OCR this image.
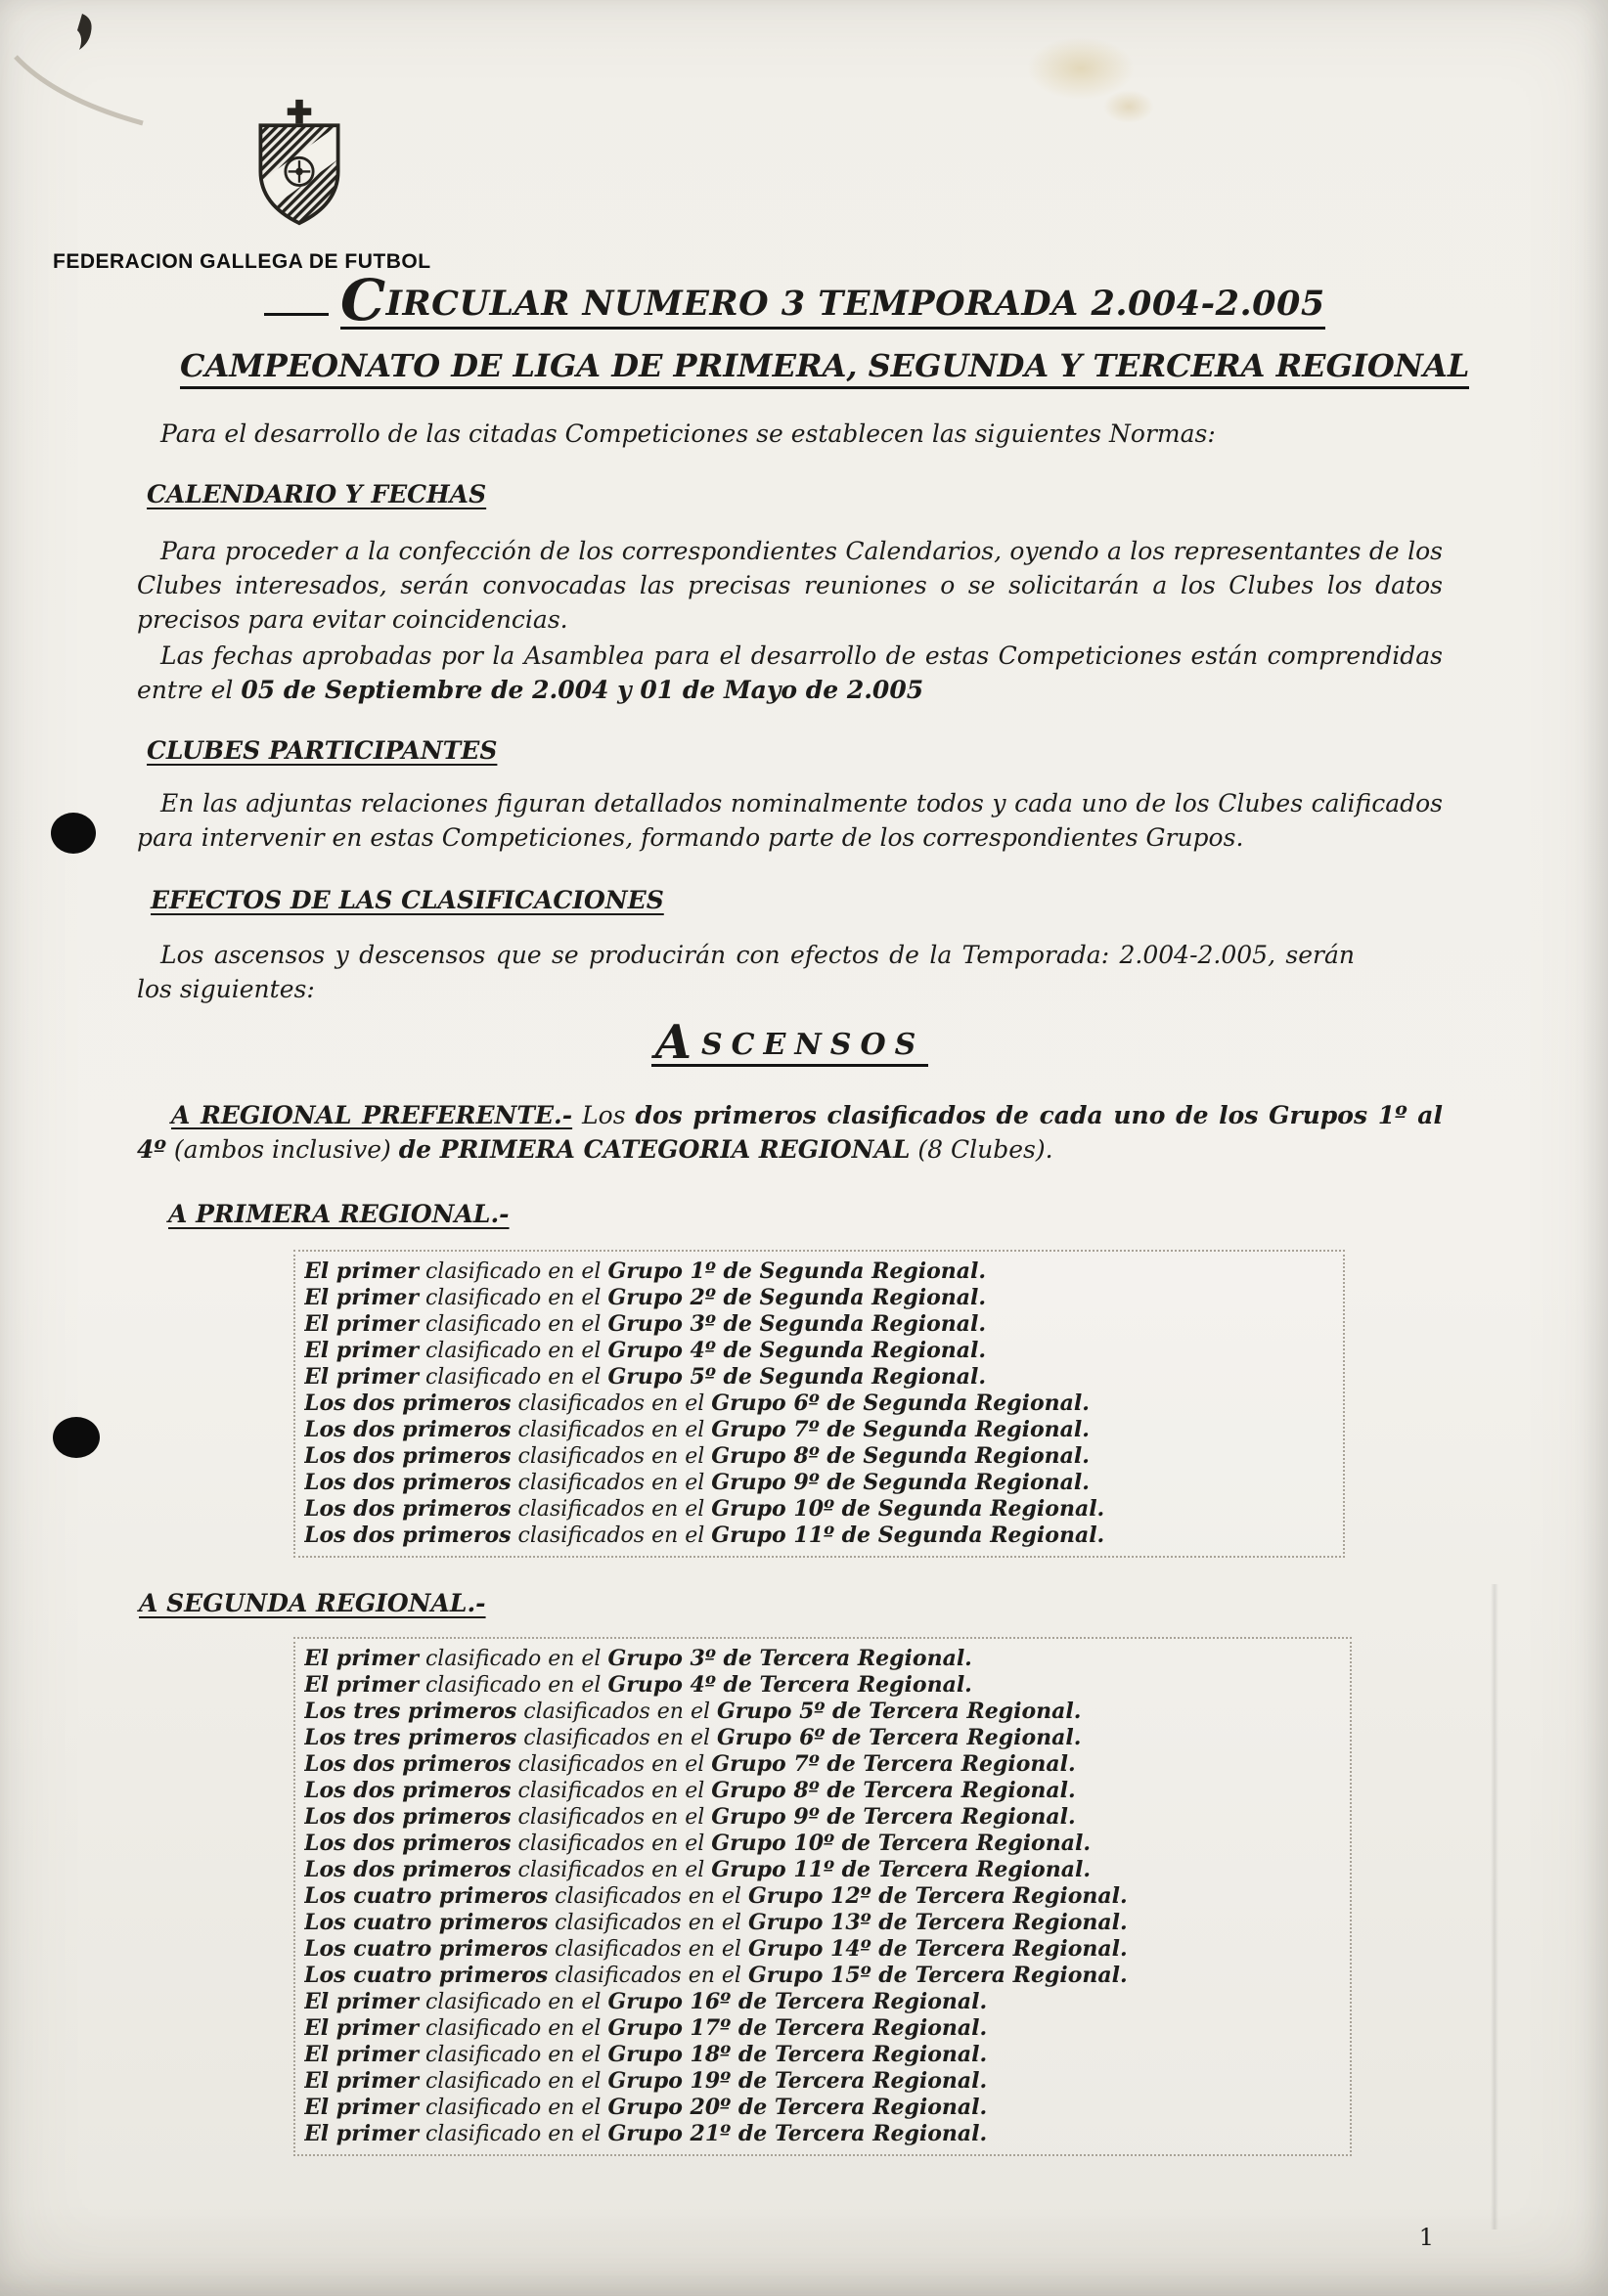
FEDERACION GALLEGA DE FUTBOL
CIRCULAR NUMERO 3 TEMPORADA 2.004-2.005
CAMPEONATO DE LIGA DE PRIMERA, SEGUNDA Y TERCERA REGIONAL

Para el desarrollo de las citadas Competiciones se establecen las siguientes Normas:

CALENDARIO Y FECHAS

Para proceder a la confección de los correspondientes Calendarios, oyendo a los representantes de los Clubes interesados, serán convocadas las precisas reuniones o se solicitarán a los Clubes los datos precisos para evitar coincidencias.

Las fechas aprobadas por la Asamblea para el desarrollo de estas Competiciones están comprendidas entre el 05 de Septiembre de 2.004 y 01 de Mayo de 2.005

CLUBES PARTICIPANTES

En las adjuntas relaciones figuran detallados nominalmente todos y cada uno de los Clubes calificados para intervenir en estas Competiciones, formando parte de los correspondientes Grupos.

EFECTOS DE LAS CLASIFICACIONES

Los ascensos y descensos que se producirán con efectos de la Temporada: 2.004-2.005, serán los siguientes:

ASCENSOS

A REGIONAL PREFERENTE.- Los dos primeros clasificados de cada uno de los Grupos 1º al 4º (ambos inclusive) de PRIMERA CATEGORIA REGIONAL (8 Clubes).

A PRIMERA REGIONAL.-
El primer clasificado en el Grupo 1º de Segunda Regional.
El primer clasificado en el Grupo 2º de Segunda Regional.
El primer clasificado en el Grupo 3º de Segunda Regional.
El primer clasificado en el Grupo 4º de Segunda Regional.
El primer clasificado en el Grupo 5º de Segunda Regional.
Los dos primeros clasificados en el Grupo 6º de Segunda Regional.
Los dos primeros clasificados en el Grupo 7º de Segunda Regional.
Los dos primeros clasificados en el Grupo 8º de Segunda Regional.
Los dos primeros clasificados en el Grupo 9º de Segunda Regional.
Los dos primeros clasificados en el Grupo 10º de Segunda Regional.
Los dos primeros clasificados en el Grupo 11º de Segunda Regional.
A SEGUNDA REGIONAL.-
El primer clasificado en el Grupo 3º de Tercera Regional.
El primer clasificado en el Grupo 4º de Tercera Regional.
Los tres primeros clasificados en el Grupo 5º de Tercera Regional.
Los tres primeros clasificados en el Grupo 6º de Tercera Regional.
Los dos primeros clasificados en el Grupo 7º de Tercera Regional.
Los dos primeros clasificados en el Grupo 8º de Tercera Regional.
Los dos primeros clasificados en el Grupo 9º de Tercera Regional.
Los dos primeros clasificados en el Grupo 10º de Tercera Regional.
Los dos primeros clasificados en el Grupo 11º de Tercera Regional.
Los cuatro primeros clasificados en el Grupo 12º de Tercera Regional.
Los cuatro primeros clasificados en el Grupo 13º de Tercera Regional.
Los cuatro primeros clasificados en el Grupo 14º de Tercera Regional.
Los cuatro primeros clasificados en el Grupo 15º de Tercera Regional.
El primer clasificado en el Grupo 16º de Tercera Regional.
El primer clasificado en el Grupo 17º de Tercera Regional.
El primer clasificado en el Grupo 18º de Tercera Regional.
El primer clasificado en el Grupo 19º de Tercera Regional.
El primer clasificado en el Grupo 20º de Tercera Regional.
El primer clasificado en el Grupo 21º de Tercera Regional.
1
